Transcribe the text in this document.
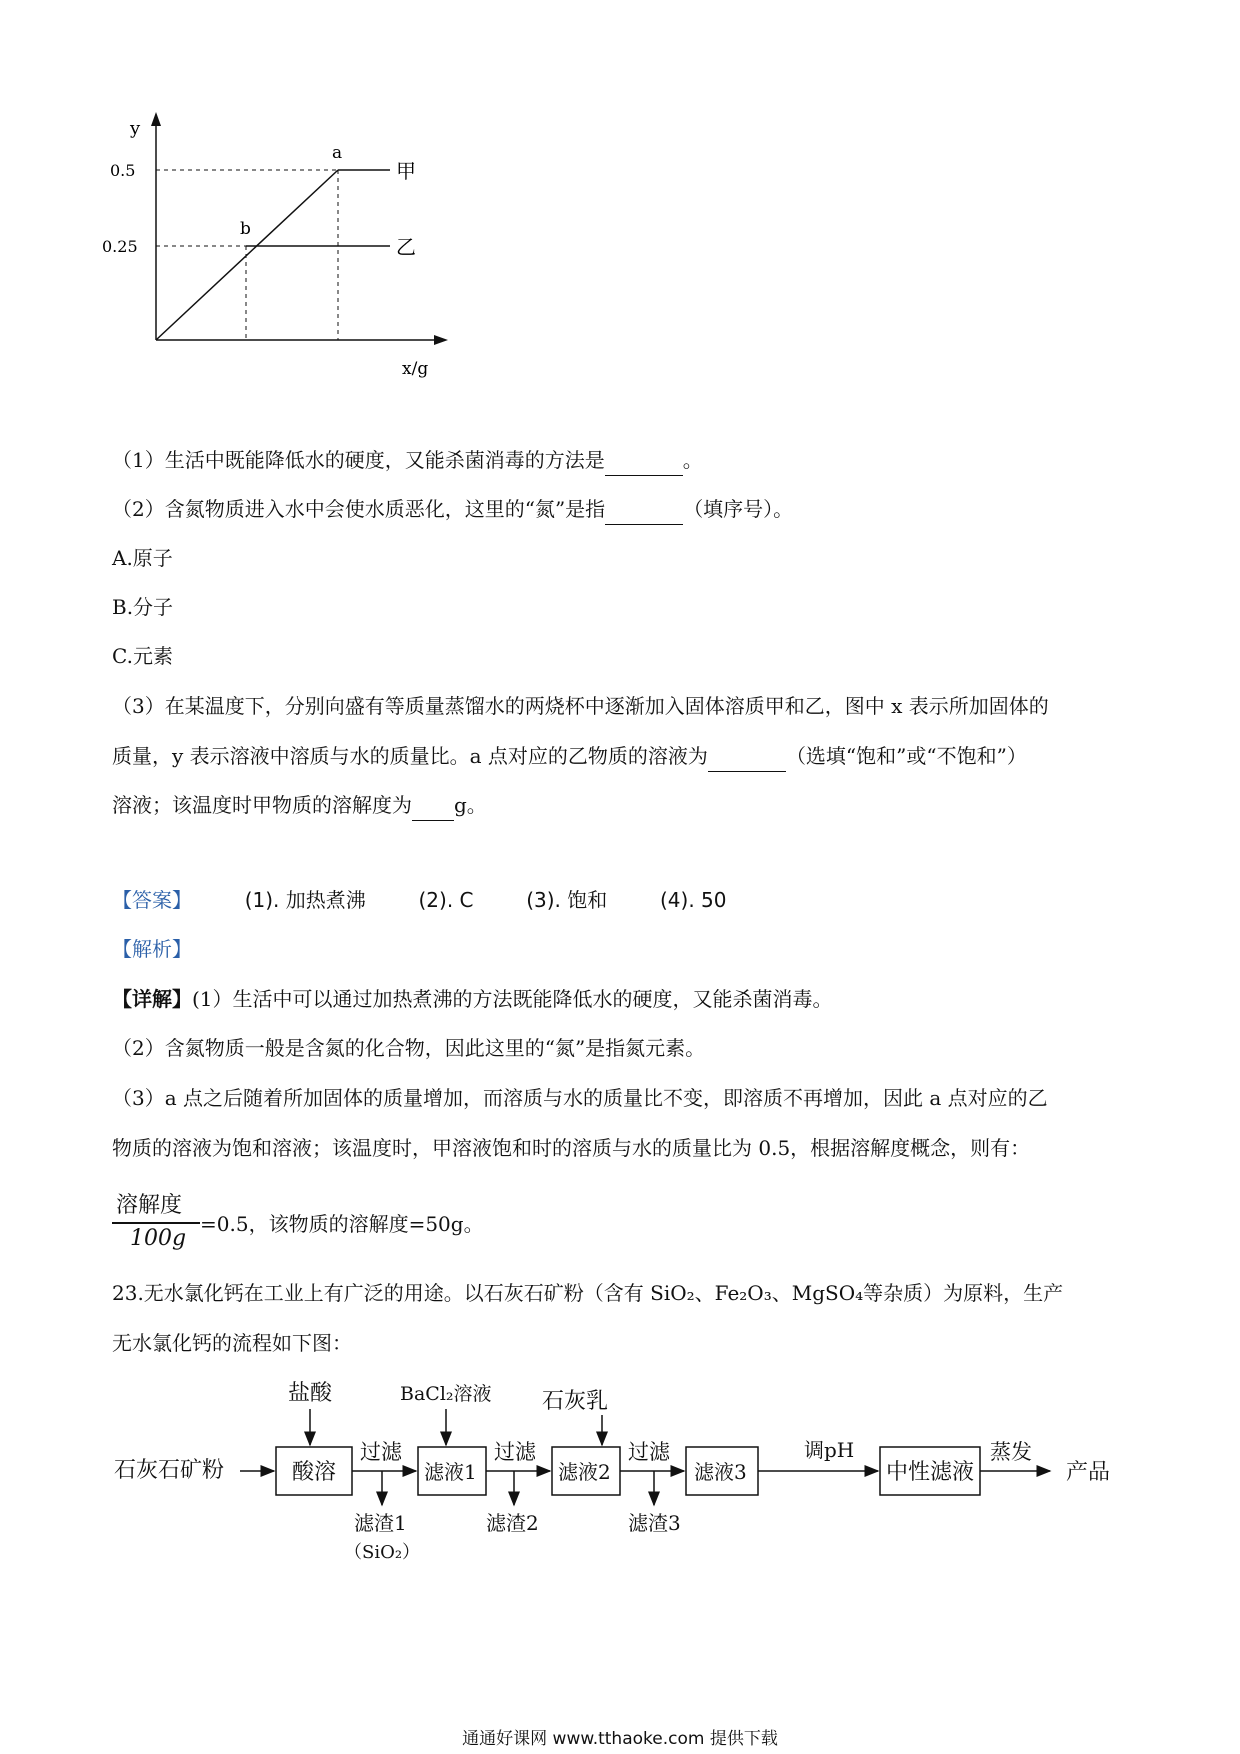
y
0.5
0.25
a
b
甲
乙
x/g
（1）生活中既能降低水的硬度，又能杀菌消毒的方法是	。
（2）含氮物质进入水中会使水质恶化，这里的“氮”是指	（填序号）。
A.原子
B.分子
C.元素
（3）在某温度下，分别向盛有等质量蒸馏水的两烧杯中逐渐加入固体溶质甲和乙，图中 x 表示所加固体的
质量，y 表示溶液中溶质与水的质量比。a 点对应的乙物质的溶液为	（选填“饱和”或“不饱和”）
溶液；该温度时甲物质的溶解度为 g。
【答案】	(1). 加热煮沸	(2). C	(3). 饱和	(4). 50
【解析】
【详解】(1）生活中可以通过加热煮沸的方法既能降低水的硬度，又能杀菌消毒。
（2）含氮物质一般是含氮的化合物，因此这里的“氮”是指氮元素。
（3）a 点之后随着所加固体的质量增加，而溶质与水的质量比不变，即溶质不再增加，因此 a 点对应的乙
物质的溶液为饱和溶液；该温度时，甲溶液饱和时的溶质与水的质量比为 0.5，根据溶解度概念，则有：
溶解度
100g
=0.5，该物质的溶解度=50g。
23.无水氯化钙在工业上有广泛的用途。以石灰石矿粉（含有 SiO₂、Fe₂O₃、MgSO₄等杂质）为原料，生产
无水氯化钙的流程如下图：
石灰石矿粉
盐酸
酸溶
过滤
滤渣1
（SiO₂）
BaCl₂溶液
滤液1
过滤
滤渣2
石灰乳
滤液2
过滤
滤渣3
滤液3
调pH
中性滤液
蒸发
产品
通通好课网 www.tthaoke.com 提供下载
